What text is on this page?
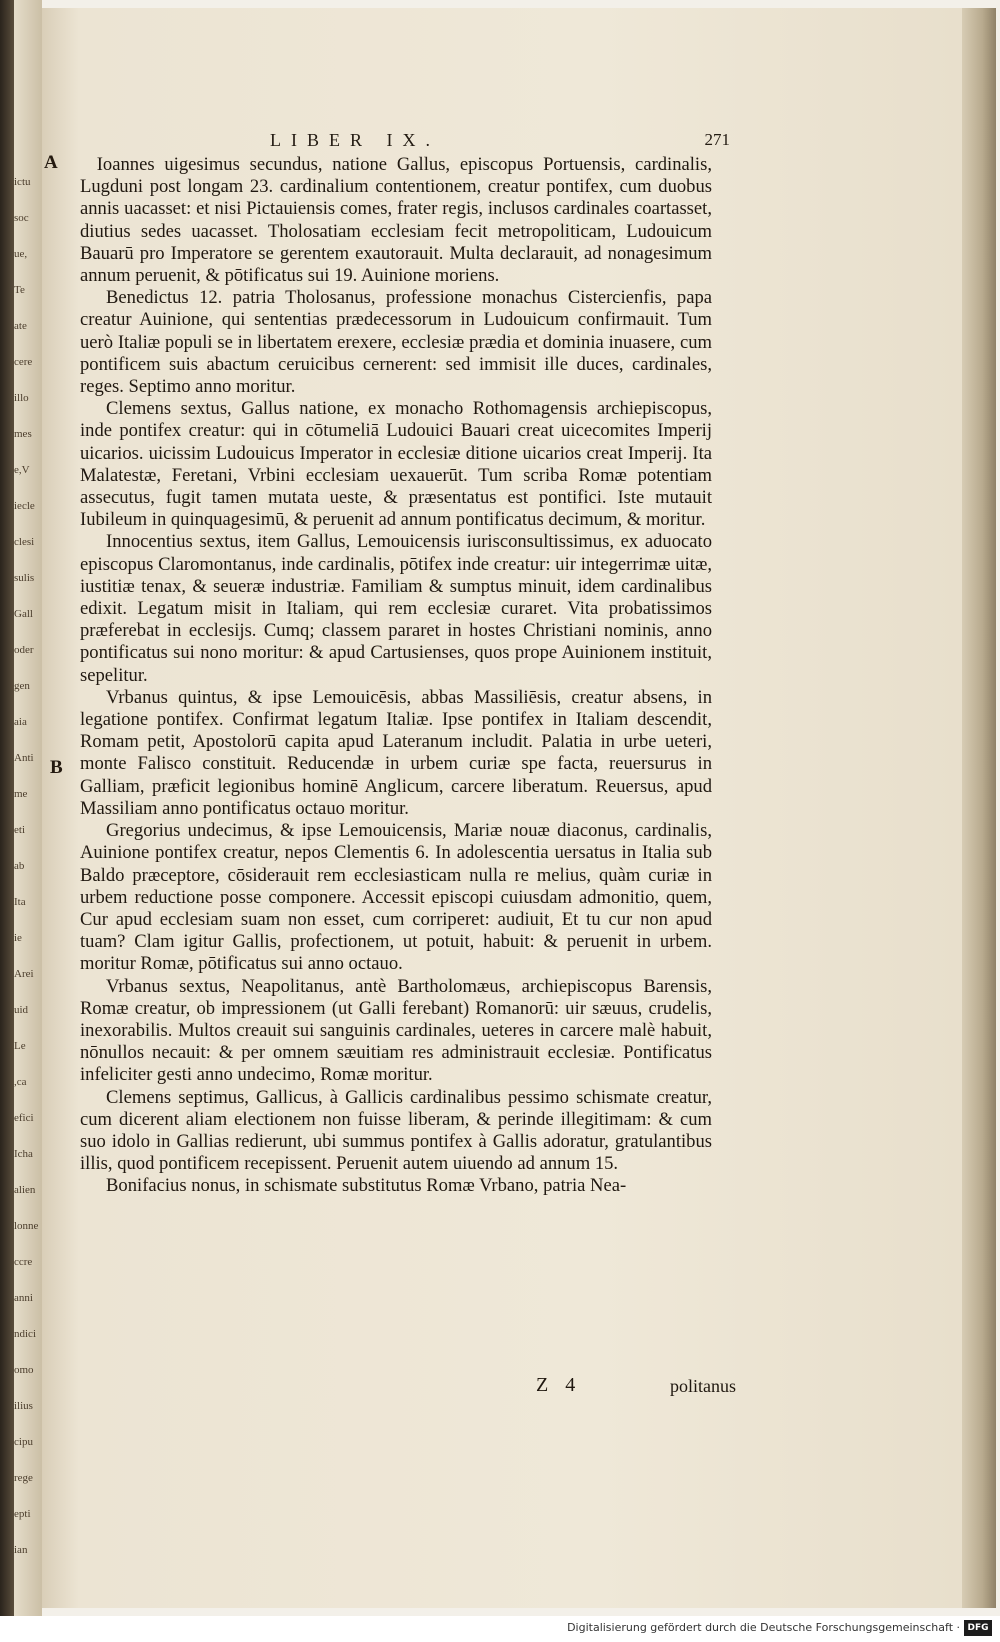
ictu
soc
ue,
Te
ate
cere
illo
mes
e,V
iecle
clesi
sulis
Gall
oder
gen
aia
Anti
me
eti
ab
Ita
ie
Arei
uid
Le
,ca
efici
Icha
alien
lonne
ccre
anni
ndici
omo
ilius
cipu
rege
epti
ian
LIBER IX.	271
A
B

Ioannes uigesimus secundus, natione Gallus, episcopus Portuensis, cardinalis, Lugduni post longam 23. cardinalium contentionem, creatur pontifex, cum duobus annis uacasset: et nisi Pictauiensis comes, frater regis, inclusos cardinales coartasset, diutius sedes uacasset. Tholosatiam ecclesiam fecit metropoliticam, Ludouicum Bauarū pro Imperatore se gerentem exautorauit. Multa declarauit, ad nonagesimum annum peruenit, & pōtificatus sui 19. Auinione moriens.

Benedictus 12. patria Tholosanus, professione monachus Cistercienfis, papa creatur Auinione, qui sententias prædecessorum in Ludouicum confirmauit. Tum uerò Italiæ populi se in libertatem erexere, ecclesiæ prædia et dominia inuasere, cum pontificem suis abactum ceruicibus cernerent: sed immisit ille duces, cardinales, reges. Septimo anno moritur.

Clemens sextus, Gallus natione, ex monacho Rothomagensis archiepiscopus, inde pontifex creatur: qui in cōtumeliā Ludouici Bauari creat uicecomites Imperij uicarios. uicissim Ludouicus Imperator in ecclesiæ ditione uicarios creat Imperij. Ita Malatestæ, Feretani, Vrbini ecclesiam uexauerūt. Tum scriba Romæ potentiam assecutus, fugit tamen mutata ueste, & præsentatus est pontifici. Iste mutauit Iubileum in quinquagesimū, & peruenit ad annum pontificatus decimum, & moritur.

Innocentius sextus, item Gallus, Lemouicensis iurisconsultissimus, ex aduocato episcopus Claromontanus, inde cardinalis, pōtifex inde creatur: uir integerrimæ uitæ, iustitiæ tenax, & seueræ industriæ. Familiam & sumptus minuit, idem cardinalibus edixit. Legatum misit in Italiam, qui rem ecclesiæ curaret. Vita probatissimos præferebat in ecclesijs. Cumq; classem pararet in hostes Christiani nominis, anno pontificatus sui nono moritur: & apud Cartusienses, quos prope Auinionem instituit, sepelitur.

Vrbanus quintus, & ipse Lemouicēsis, abbas Massiliēsis, creatur absens, in legatione pontifex. Confirmat legatum Italiæ. Ipse pontifex in Italiam descendit, Romam petit, Apostolorū capita apud Lateranum includit. Palatia in urbe ueteri, monte Falisco constituit. Reducendæ in urbem curiæ spe facta, reuersurus in Galliam, præficit legionibus hominē Anglicum, carcere liberatum. Reuersus, apud Massiliam anno pontificatus octauo moritur.

Gregorius undecimus, & ipse Lemouicensis, Mariæ nouæ diaconus, cardinalis, Auinione pontifex creatur, nepos Clementis 6. In adolescentia uersatus in Italia sub Baldo præceptore, cōsiderauit rem ecclesiasticam nulla re melius, quàm curiæ in urbem reductione posse componere. Accessit episcopi cuiusdam admonitio, quem, Cur apud ecclesiam suam non esset, cum corriperet: audiuit, Et tu cur non apud tuam? Clam igitur Gallis, profectionem, ut potuit, habuit: & peruenit in urbem. moritur Romæ, pōtificatus sui anno octauo.

Vrbanus sextus, Neapolitanus, antè Bartholomæus, archiepiscopus Barensis, Romæ creatur, ob impressionem (ut Galli ferebant) Romanorū: uir sæuus, crudelis, inexorabilis. Multos creauit sui sanguinis cardinales, ueteres in carcere malè habuit, nōnullos necauit: & per omnem sæuitiam res administrauit ecclesiæ. Pontificatus infeliciter gesti anno undecimo, Romæ moritur.

Clemens septimus, Gallicus, à Gallicis cardinalibus pessimo schismate creatur, cum dicerent aliam electionem non fuisse liberam, & perinde illegitimam: & cum suo idolo in Gallias redierunt, ubi summus pontifex à Gallis adoratur, gratulantibus illis, quod pontificem recepissent. Peruenit autem uiuendo ad annum 15.

Bonifacius nonus, in schismate substitutus Romæ Vrbano, patria Nea-

Z 4	politanus
Digitalisierung gefördert durch die Deutsche Forschungsgemeinschaft · DFG
